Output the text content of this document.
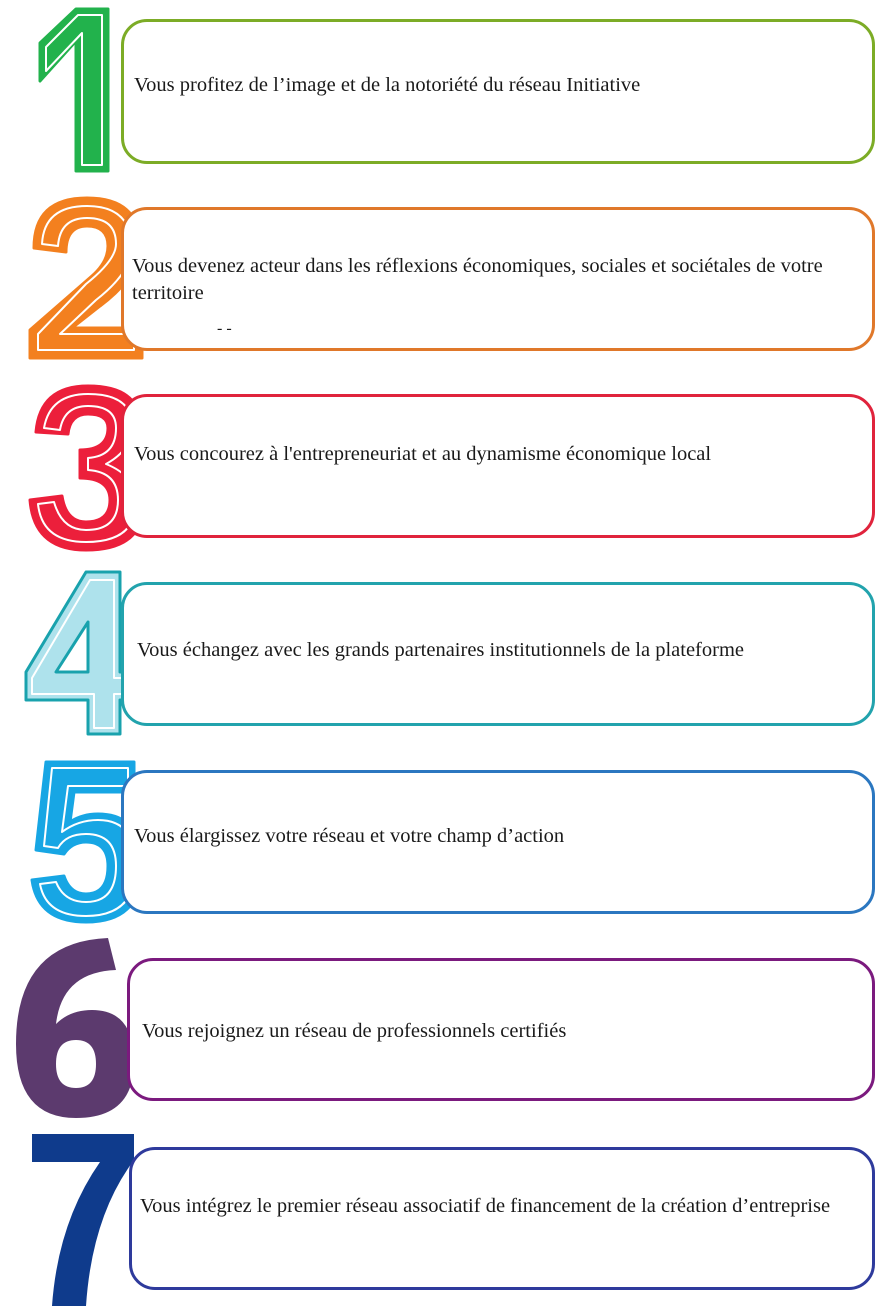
Vous profitez de l’image et de la notoriété du réseau Initiative
Vous devenez acteur dans les réflexions économiques, sociales et sociétales de votre territoire
- -
Vous concourez à l'entrepreneuriat et au dynamisme économique local
Vous échangez avec les grands partenaires institutionnels de la plateforme
Vous élargissez votre réseau et votre champ d’action
Vous rejoignez un réseau de professionnels certifiés
Vous intégrez le premier réseau associatif de financement de la création d’entreprise
